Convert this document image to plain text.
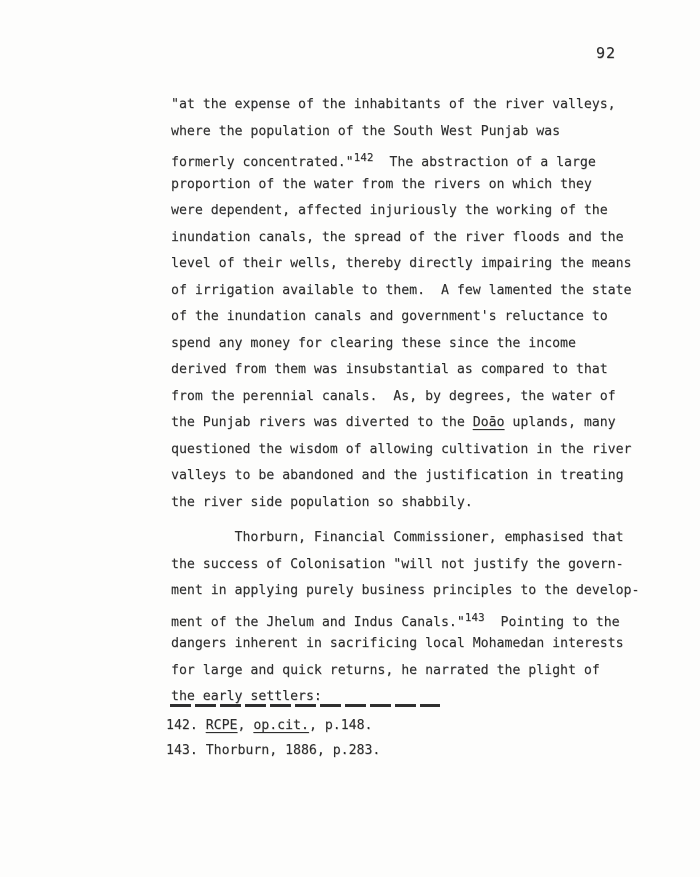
92
"at the expense of the inhabitants of the river valleys,
where the population of the South West Punjab was
formerly concentrated."$^{142}$  The abstraction of a large
proportion of the water from the rivers on which they
were dependent, affected injuriously the working of the
inundation canals, the spread of the river floods and the
level of their wells, thereby directly impairing the means
of irrigation available to them.  A few lamented the state
of the inundation canals and government's reluctance to
spend any money for clearing these since the income
derived from them was insubstantial as compared to that
from the perennial canals.  As, by degrees, the water of
the Punjab rivers was diverted to the Doāo uplands, many
questioned the wisdom of allowing cultivation in the river
valleys to be abandoned and the justification in treating
the river side population so shabbily.
Thorburn, Financial Commissioner, emphasised that
the success of Colonisation "will not justify the govern-
ment in applying purely business principles to the develop-
ment of the Jhelum and Indus Canals."$^{143}$  Pointing to the
dangers inherent in sacrificing local Mohamedan interests
for large and quick returns, he narrated the plight of
the early settlers:
142. RCPE, op.cit., p.148.
143. Thorburn, 1886, p.283.
